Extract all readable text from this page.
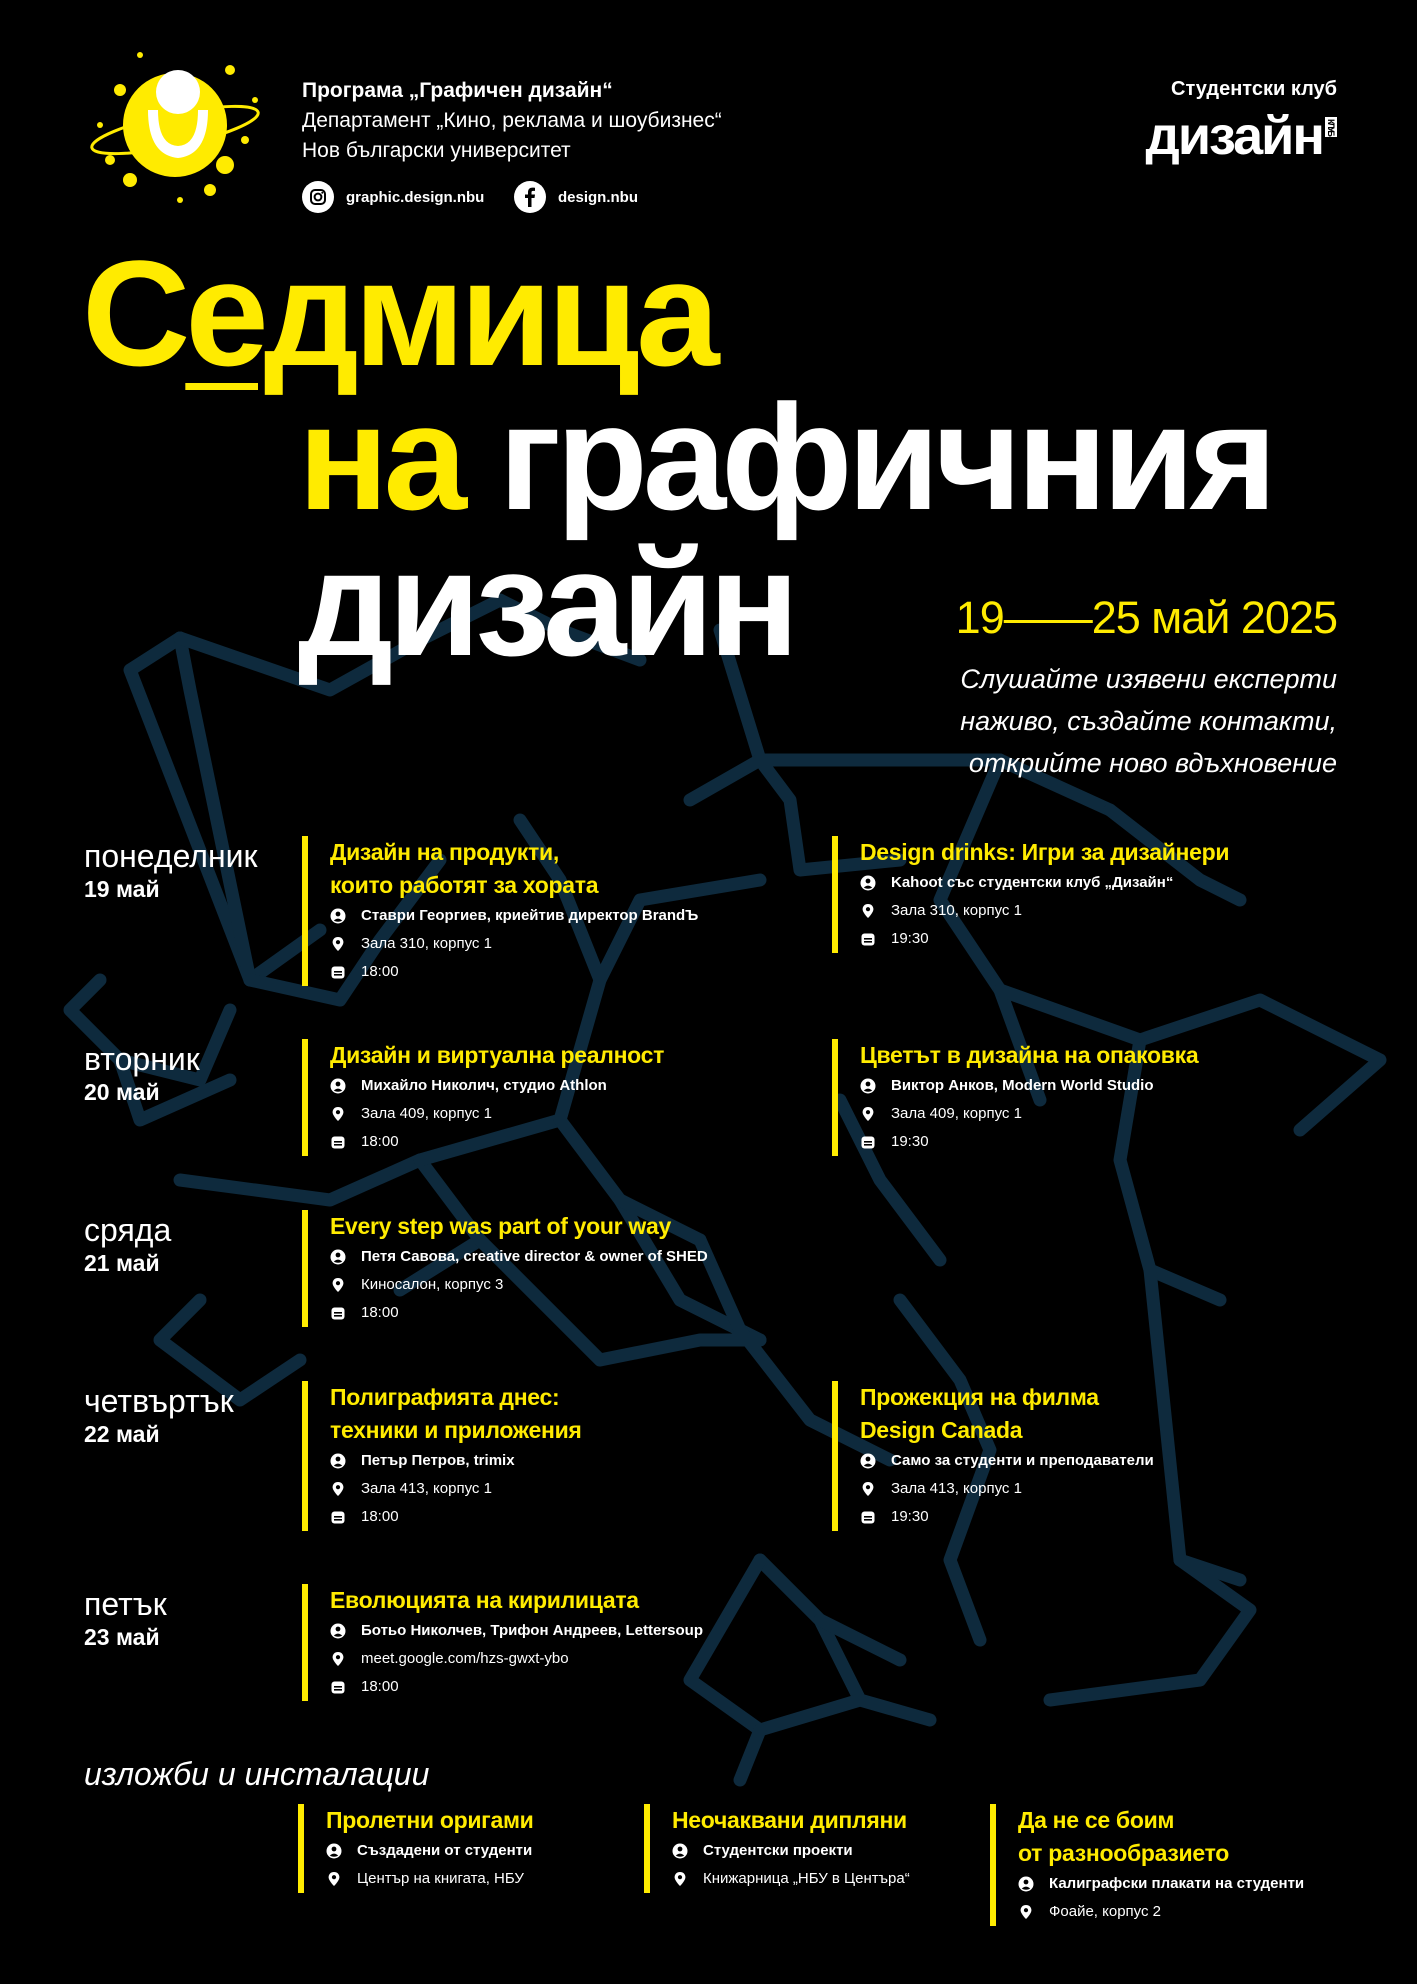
Програма „Графичен дизайн“
Департамент „Кино, реклама и шоубизнес“
Нов български университет
graphic.design.nbu	design.nbu
Студентски клуб
дизайн КЛУБ
Седмица
на графичния
дизайн	19——25 май 2025
Слушайте изявени експерти
наживо, създайте контакти,
открийте ново вдъхновение
понеделник
19 май
вторник
20 май
сряда
21 май
четвъртък
22 май
петък
23 май
Дизайн на продукти,
които работят за хората
Ставри Георгиев, криейтив директор BrandЪ
Зала 310, корпус 1
18:00
Design drinks: Игри за дизайнери
Kahoot със студентски клуб „Дизайн“
Зала 310, корпус 1
19:30
Дизайн и виртуална реалност
Михайло Николич, студио Athlon
Зала 409, корпус 1
18:00
Цветът в дизайна на опаковка
Виктор Анков, Modern World Studio
Зала 409, корпус 1
19:30
Every step was part of your way
Петя Савова, creative director & owner of SHED
Киносалон, корпус 3
18:00
Полиграфията днес:
техники и приложения
Петър Петров, trimix
Зала 413, корпус 1
18:00
Прожекция на филма
Design Canada
Само за студенти и преподаватели
Зала 413, корпус 1
19:30
Еволюцията на кирилицата
Ботьо Николчев, Трифон Андреев, Lettersoup
meet.google.com/hzs-gwxt-ybo
18:00
изложби и инсталации
Пролетни оригами
Създадени от студенти
Център на книгата, НБУ
Неочаквани дипляни
Студентски проекти
Книжарница „НБУ в Центъра“
Да не се боим
от разнообразието
Калиграфски плакати на студенти
Фоайе, корпус 2
